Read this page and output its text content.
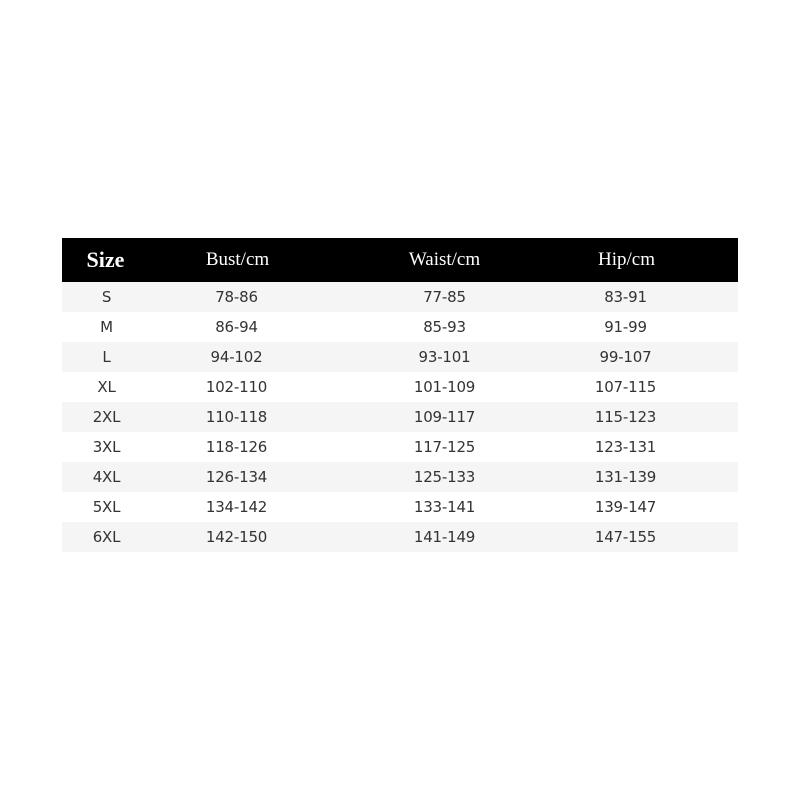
Size	Bust/cm	Waist/cm	Hip/cm
S	78-86	77-85	83-91
M	86-94	85-93	91-99
L	94-102	93-101	99-107
XL	102-110	101-109	107-115
2XL	110-118	109-117	115-123
3XL	118-126	117-125	123-131
4XL	126-134	125-133	131-139
5XL	134-142	133-141	139-147
6XL	142-150	141-149	147-155
